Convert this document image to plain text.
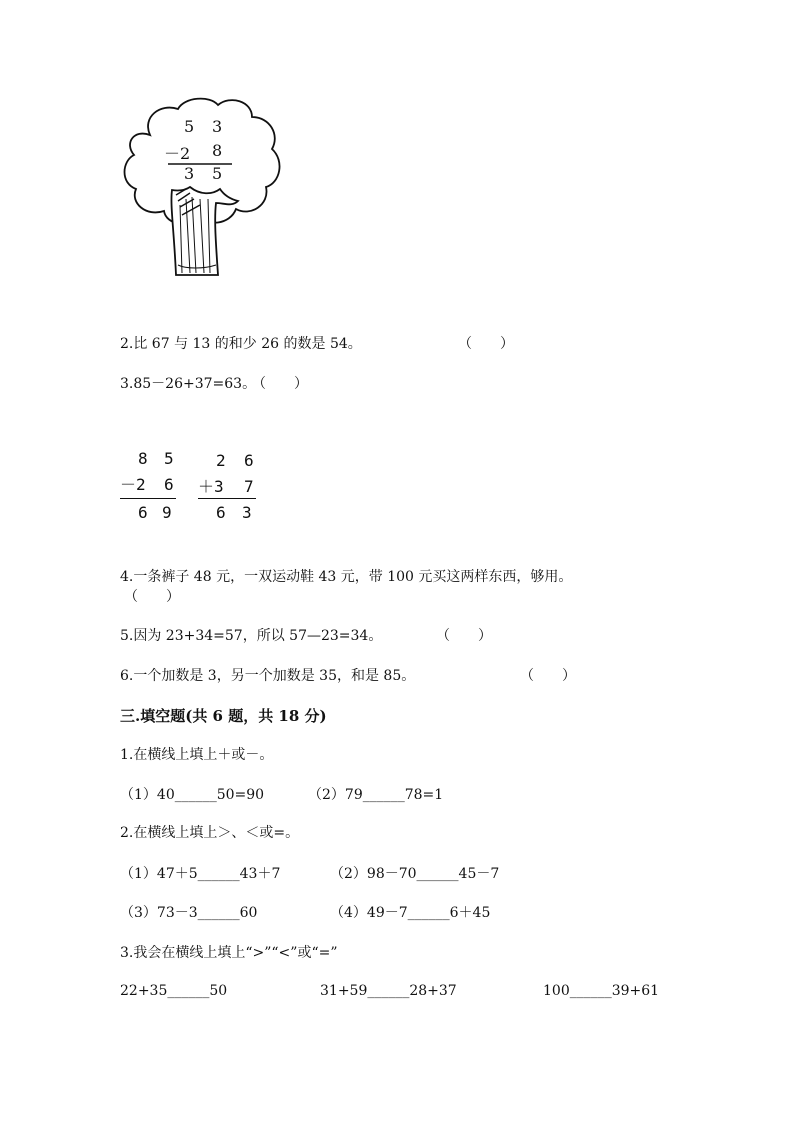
5 3
－2 8
3 5
2.比 67 与 13 的和少 26 的数是 54。	（　　）
3.85－26+37=63。
（　　）
8 5
－2 6
6 9
2 6
＋3 7
6 3
4.一条裤子 48 元，一双运动鞋 43 元，带 100 元买这两样东西，够用。
（　　）
5.因为 23+34=57，所以 57—23=34。	（　　）
6.一个加数是 3，另一个加数是 35，和是 85。	（　　）
三.填空题(共 6 题，共 18 分)
1.在横线上填上＋或－。
（1）40______50=90	（2）79______78=1
2.在横线上填上＞、＜或=。
（1）47＋5______43＋7	（2）98－70______45－7
（3）73－3______60	（4）49－7______6＋45
3.我会在横线上填上“>”“<”或“=”
22+35______50	31+59______28+37	100______39+61
